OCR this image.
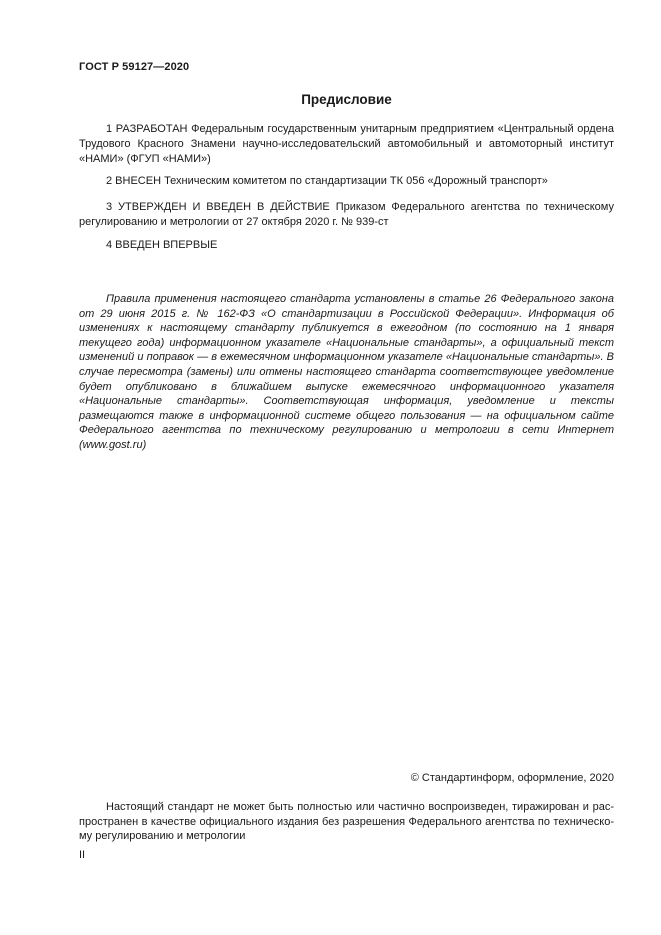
ГОСТ Р 59127—2020
Предисловие

1 РАЗРАБОТАН Федеральным государственным унитарным предприятием «Центральный ордена Трудового Красного Знамени научно-исследовательский автомобильный и автомоторный институт «НАМИ» (ФГУП «НАМИ»)

2 ВНЕСЕН Техническим комитетом по стандартизации ТК 056 «Дорожный транспорт»

3 УТВЕРЖДЕН И ВВЕДЕН В ДЕЙСТВИЕ Приказом Федерального агентства по техническому регулированию и метрологии от 27 октября 2020 г. № 939-ст

4 ВВЕДЕН ВПЕРВЫЕ

Правила применения настоящего стандарта установлены в статье 26 Федерального закона от 29 июня 2015 г. № 162-ФЗ «О стандартизации в Российской Федерации». Информация об изменениях к настоящему стандарту публикуется в ежегодном (по состоянию на 1 января текущего года) информационном указателе «Национальные стандарты», а официальный текст изменений и поправок — в ежемесячном информационном указателе «Национальные стандарты». В случае пересмотра (замены) или отмены настоящего стандарта соответствующее уведомление будет опубликовано в ближайшем выпуске ежемесячного информационного указателя «Национальные стандарты». Соответствующая информация, уведомление и тексты размещаются также в информационной системе общего пользования — на официальном сайте Федерального агентства по техническому регулированию и метрологии в сети Интернет (www.gost.ru)

© Стандартинформ, оформление, 2020

Настоящий стандарт не может быть полностью или частично воспроизведен, тиражирован и распространен в качестве официального издания без разрешения Федерального агентства по техническому регулированию и метрологии

II
